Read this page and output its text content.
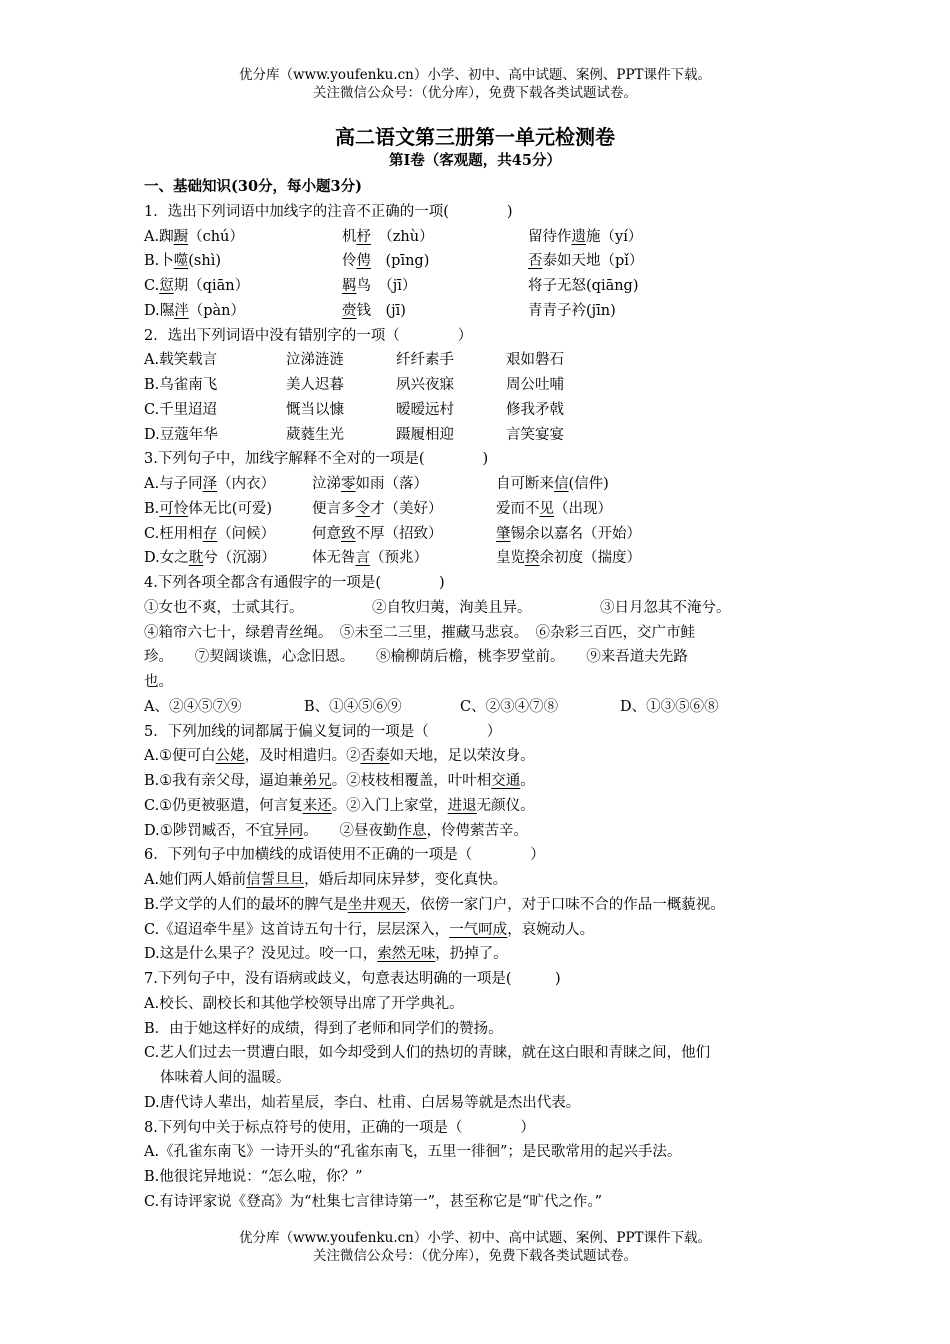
优分库（www.youfenku.cn）小学、初中、高中试题、案例、PPT课件下载。
关注微信公众号：（优分库），免费下载各类试题试卷。
高二语文第三册第一单元检测卷
第Ⅰ卷（客观题，共45分）
一、基础知识(30分，每小题3分)
1．选出下列词语中加线字的注音不正确的一项(　　　　)
A.踟蹰（chú）	机杼　（zhù）	留待作遗施（yí）
B.卜噬(shì)	伶俜　(pīng)	否泰如天地（pǐ）
C.愆期（qiān）	羁鸟　（jī）	将子无怒(qiāng)
D.隰泮（pàn）	赍钱　(jī)	青青子衿(jīn)
2．选出下列词语中没有错别字的一项（　　　　）
A.载笑载言	泣涕涟涟	纤纤素手	艰如磐石
B.乌雀南飞	美人迟暮	夙兴夜寐	周公吐哺
C.千里迢迢	慨当以慷	暧暧远村	修我矛戟
D.豆蔻年华	葳蕤生光	蹑履相迎	言笑宴宴
3.下列句子中，加线字解释不全对的一项是(　　　　)
A.与子同泽（内衣）	泣涕零如雨（落）	自可断来信(信件)
B.可怜体无比(可爱)	便言多令才（美好）	爱而不见（出现）
C.枉用相存（问候）	何意致不厚（招致）	肇锡余以嘉名（开始）
D.女之耽兮（沉溺）	体无咎言（预兆）	皇览揆余初度（揣度）
4.下列各项全都含有通假字的一项是(　　　　)
①女也不爽，士贰其行。	②自牧归荑，洵美且异。	③日月忽其不淹兮。
④箱帘六七十，绿碧青丝绳。　⑤未至二三里，摧藏马悲哀。　⑥杂彩三百匹，交广市鲑
珍。　　⑦契阔谈谯，心念旧恩。　　⑧榆柳荫后檐，桃李罗堂前。　　⑨来吾道夫先路
也。
A、②④⑤⑦⑨	B、①④⑤⑥⑨	C、②③④⑦⑧	D、①③⑤⑥⑧
5．下列加线的词都属于偏义复词的一项是（　　　　）
A.①便可白公姥，及时相遣归。②否泰如天地，足以荣汝身。
B.①我有亲父母，逼迫兼弟兄。②枝枝相覆盖，叶叶相交通。
C.①仍更被驱遣，何言复来还。②入门上家堂，进退无颜仪。
D.①陟罚臧否，不宜异同。　　②昼夜勤作息，伶俜萦苦辛。
6．下列句子中加横线的成语使用不正确的一项是（　　　　）
A.她们两人婚前信誓旦旦，婚后却同床异梦，变化真快。
B.学文学的人们的最坏的脾气是坐井观天，依傍一家门户，对于口味不合的作品一概藐视。
C.《迢迢牵牛星》这首诗五句十行，层层深入，一气呵成，哀婉动人。
D.这是什么果子？没见过。咬一口，索然无味，扔掉了。
7.下列句子中，没有语病或歧义，句意表达明确的一项是(　　　)
A.校长、副校长和其他学校领导出席了开学典礼。
B．由于她这样好的成绩，得到了老师和同学们的赞扬。
C.艺人们过去一贯遭白眼，如今却受到人们的热切的青睐，就在这白眼和青睐之间，他们
体味着人间的温暖。
D.唐代诗人辈出，灿若星辰，李白、杜甫、白居易等就是杰出代表。
8.下列句中关于标点符号的使用，正确的一项是（　　　　）
A.《孔雀东南飞》一诗开头的“孔雀东南飞，五里一徘徊”；是民歌常用的起兴手法。
B.他很诧异地说：“怎么啦，你？”
C.有诗评家说《登高》为“杜集七言律诗第一”，甚至称它是“旷代之作。”
优分库（www.youfenku.cn）小学、初中、高中试题、案例、PPT课件下载。
关注微信公众号：（优分库），免费下载各类试题试卷。
